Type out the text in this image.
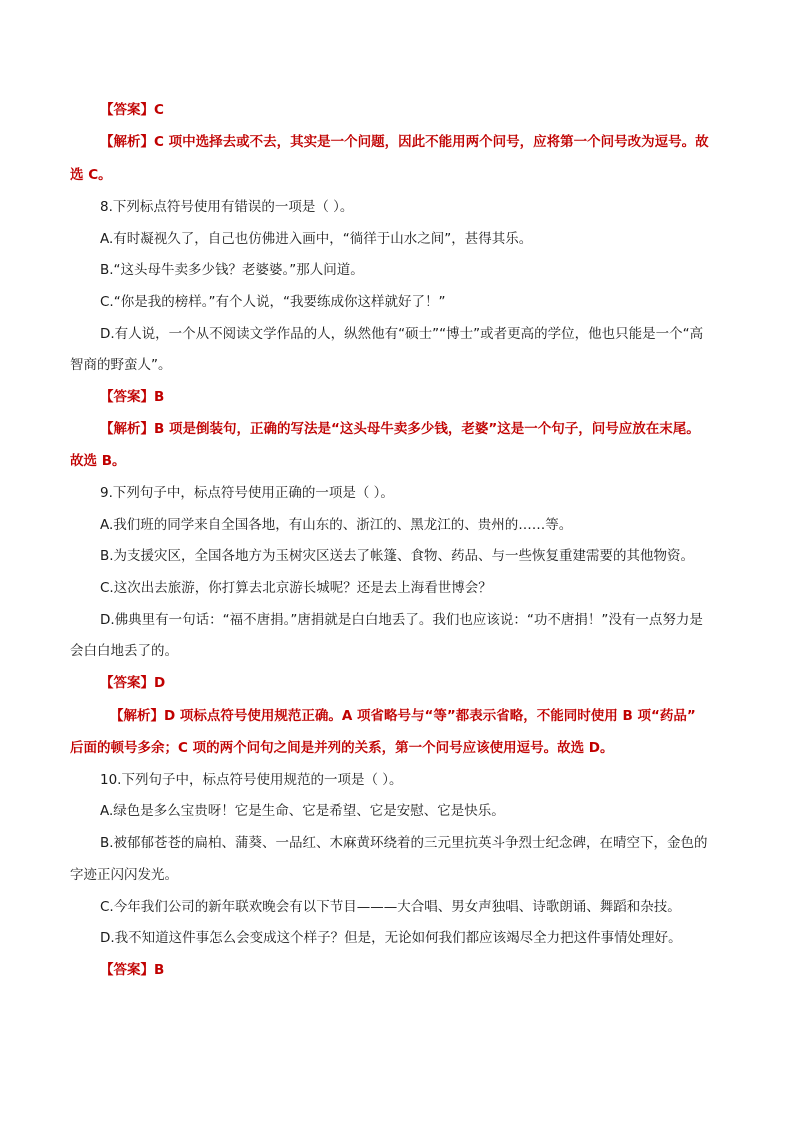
【答案】C
【解析】C 项中选择去或不去，其实是一个问题，因此不能用两个问号，应将第一个问号改为逗号。故
选 C。
8.下列标点符号使用有错误的一项是（ ）。
A.有时凝视久了，自己也仿佛进入画中，“徜徉于山水之间”，甚得其乐。
B.“这头母牛卖多少钱？老婆婆。”那人问道。
C.“你是我的榜样。”有个人说，“我要练成你这样就好了！”
D.有人说，一个从不阅读文学作品的人，纵然他有“硕士”“博士”或者更高的学位，他也只能是一个“高
智商的野蛮人”。
【答案】B
【解析】B 项是倒装句，正确的写法是“这头母牛卖多少钱，老婆”这是一个句子，问号应放在末尾。
故选 B。
9.下列句子中，标点符号使用正确的一项是（ ）。
A.我们班的同学来自全国各地，有山东的、浙江的、黑龙江的、贵州的……等。
B.为支援灾区，全国各地方为玉树灾区送去了帐篷、食物、药品、与一些恢复重建需要的其他物资。
C.这次出去旅游，你打算去北京游长城呢？还是去上海看世博会？
D.佛典里有一句话：“福不唐捐。”唐捐就是白白地丢了。我们也应该说：“功不唐捐！”没有一点努力是
会白白地丢了的。
【答案】D
【解析】D 项标点符号使用规范正确。A 项省略号与“等”都表示省略，不能同时使用 B 项“药品”
后面的顿号多余；C 项的两个问句之间是并列的关系，第一个问号应该使用逗号。故选 D。
10.下列句子中，标点符号使用规范的一项是（ ）。
A.绿色是多么宝贵呀！它是生命、它是希望、它是安慰、它是快乐。
B.被郁郁苍苍的扁柏、蒲葵、一品红、木麻黄环绕着的三元里抗英斗争烈士纪念碑，在晴空下，金色的
字迹正闪闪发光。
C.今年我们公司的新年联欢晚会有以下节目———大合唱、男女声独唱、诗歌朗诵、舞蹈和杂技。
D.我不知道这件事怎么会变成这个样子？但是，无论如何我们都应该竭尽全力把这件事情处理好。
【答案】B
